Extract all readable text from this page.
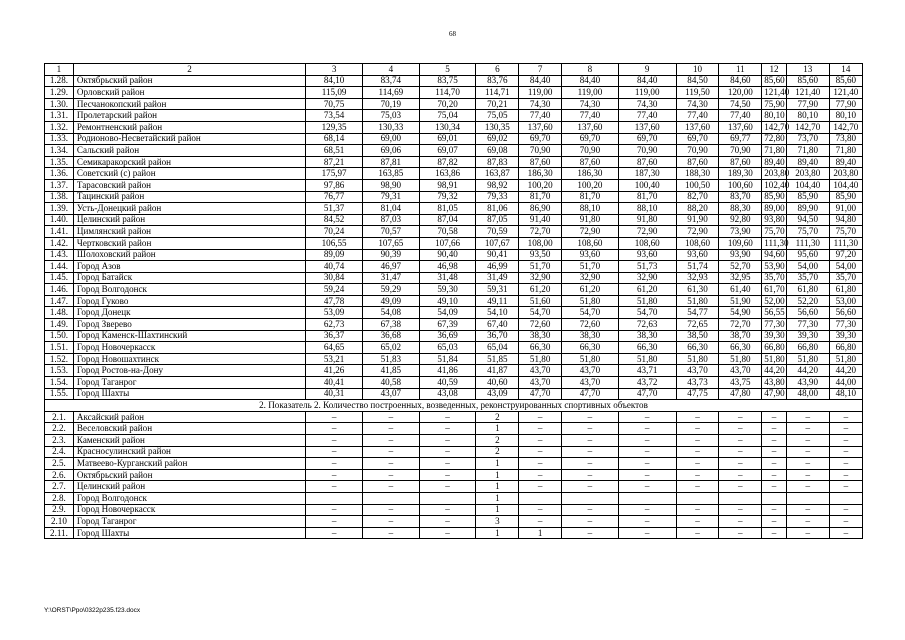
68
1	2	3	4	5	6	7	8	9	10	11	12	13	14
1.28.	Октябрьский район	84,10	83,74	83,75	83,76	84,40	84,40	84,40	84,50	84,60	85,60	85,60	85,60
1.29.	Орловский район	115,09	114,69	114,70	114,71	119,00	119,00	119,00	119,50	120,00	121,40	121,40	121,40
1.30.	Песчанокопский район	70,75	70,19	70,20	70,21	74,30	74,30	74,30	74,30	74,50	75,90	77,90	77,90
1.31.	Пролетарский район	73,54	75,03	75,04	75,05	77,40	77,40	77,40	77,40	77,40	80,10	80,10	80,10
1.32.	Ремонтненский район	129,35	130,33	130,34	130,35	137,60	137,60	137,60	137,60	137,60	142,70	142,70	142,70
1.33.	Родионово-Несветайский район	68,14	69,00	69,01	69,02	69,70	69,70	69,70	69,70	69,77	72,80	73,70	73,80
1.34.	Сальский район	68,51	69,06	69,07	69,08	70,90	70,90	70,90	70,90	70,90	71,80	71,80	71,80
1.35.	Семикаракорский район	87,21	87,81	87,82	87,83	87,60	87,60	87,60	87,60	87,60	89,40	89,40	89,40
1.36.	Советский (с) район	175,97	163,85	163,86	163,87	186,30	186,30	187,30	188,30	189,30	203,80	203,80	203,80
1.37.	Тарасовский район	97,86	98,90	98,91	98,92	100,20	100,20	100,40	100,50	100,60	102,40	104,40	104,40
1.38.	Тацинский район	76,77	79,31	79,32	79,33	81,70	81,70	81,70	82,70	83,70	85,90	85,90	85,90
1.39.	Усть-Донецкий район	51,37	81,04	81,05	81,06	86,90	88,10	88,10	88,20	88,30	89,00	89,90	91,00
1.40.	Целинский район	84,52	87,03	87,04	87,05	91,40	91,80	91,80	91,90	92,80	93,80	94,50	94,80
1.41.	Цимлянский район	70,24	70,57	70,58	70,59	72,70	72,90	72,90	72,90	73,90	75,70	75,70	75,70
1.42.	Чертковский район	106,55	107,65	107,66	107,67	108,00	108,60	108,60	108,60	109,60	111,30	111,30	111,30
1.43.	Шолоховский район	89,09	90,39	90,40	90,41	93,50	93,60	93,60	93,60	93,90	94,60	95,60	97,20
1.44.	Город Азов	40,74	46,97	46,98	46,99	51,70	51,70	51,73	51,74	52,70	53,90	54,00	54,00
1.45.	Город Батайск	30,84	31,47	31,48	31,49	32,90	32,90	32,90	32,93	32,95	35,70	35,70	35,70
1.46.	Город Волгодонск	59,24	59,29	59,30	59,31	61,20	61,20	61,20	61,30	61,40	61,70	61,80	61,80
1.47.	Город Гуково	47,78	49,09	49,10	49,11	51,60	51,80	51,80	51,80	51,90	52,00	52,20	53,00
1.48.	Город Донецк	53,09	54,08	54,09	54,10	54,70	54,70	54,70	54,77	54,90	56,55	56,60	56,60
1.49.	Город Зверево	62,73	67,38	67,39	67,40	72,60	72,60	72,63	72,65	72,70	77,30	77,30	77,30
1.50.	Город Каменск-Шахтинский	36,37	36,68	36,69	36,70	38,30	38,30	38,30	38,50	38,70	39,30	39,30	39,30
1.51.	Город Новочеркасск	64,65	65,02	65,03	65,04	66,30	66,30	66,30	66,30	66,30	66,80	66,80	66,80
1.52.	Город Новошахтинск	53,21	51,83	51,84	51,85	51,80	51,80	51,80	51,80	51,80	51,80	51,80	51,80
1.53.	Город Ростов-на-Дону	41,26	41,85	41,86	41,87	43,70	43,70	43,71	43,70	43,70	44,20	44,20	44,20
1.54.	Город Таганрог	40,41	40,58	40,59	40,60	43,70	43,70	43,72	43,73	43,75	43,80	43,90	44,00
1.55.	Город Шахты	40,31	43,07	43,08	43,09	47,70	47,70	47,70	47,75	47,80	47,90	48,00	48,10
2. Показатель 2. Количество построенных, возведенных, реконструированных спортивных объектов													
2.1.	Аксайский район	–	–	–	2	–	–	–	–	–	–	–	–
2.2.	Веселовский район	–	–	–	1	–	–	–	–	–	–	–	–
2.3.	Каменский район	–	–	–	2	–	–	–	–	–	–	–	–
2.4.	Красносулинский район	–	–	–	2	–	–	–	–	–	–	–	–
2.5.	Матвеево-Курганский район	–	–	–	1	–	–	–	–	–	–	–	–
2.6.	Октябрьский район	–	–	–	1	–	–	–	–	–	–	–	–
2.7.	Целинский район	–	–	–	1	–	–	–	–	–	–	–	–
2.8.	Город Волгодонск				1								
2.9.	Город Новочеркасск	–	–	–	1	–	–	–	–	–	–	–	–
2.10	Город Таганрог	–	–	–	3	–	–	–	–	–	–	–	–
2.11.	Город Шахты	–	–	–	1	1	–	–	–	–	–	–	–
Y:\ORST\Ppo\0322p235.f23.docx
